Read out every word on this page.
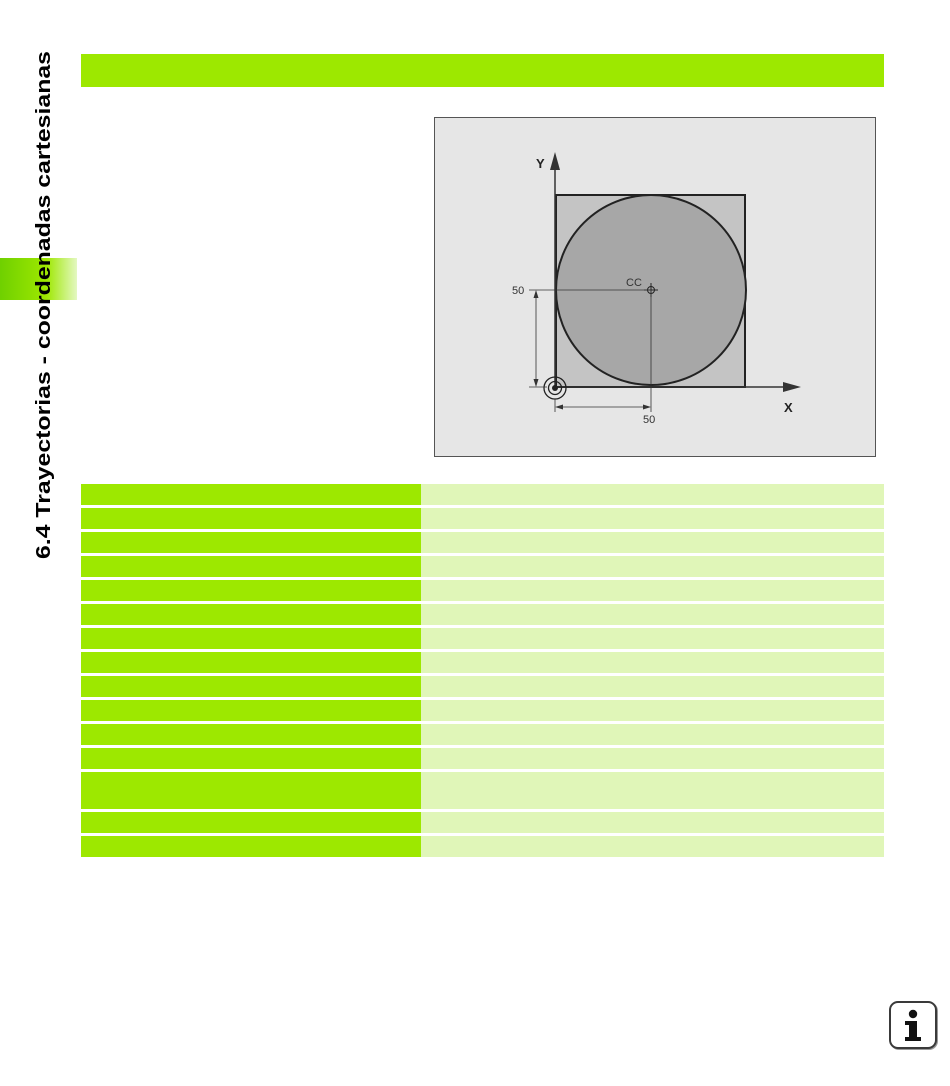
6.4 Trayectorias - coordenadas cartesianas	Y
X
CC
50
50
